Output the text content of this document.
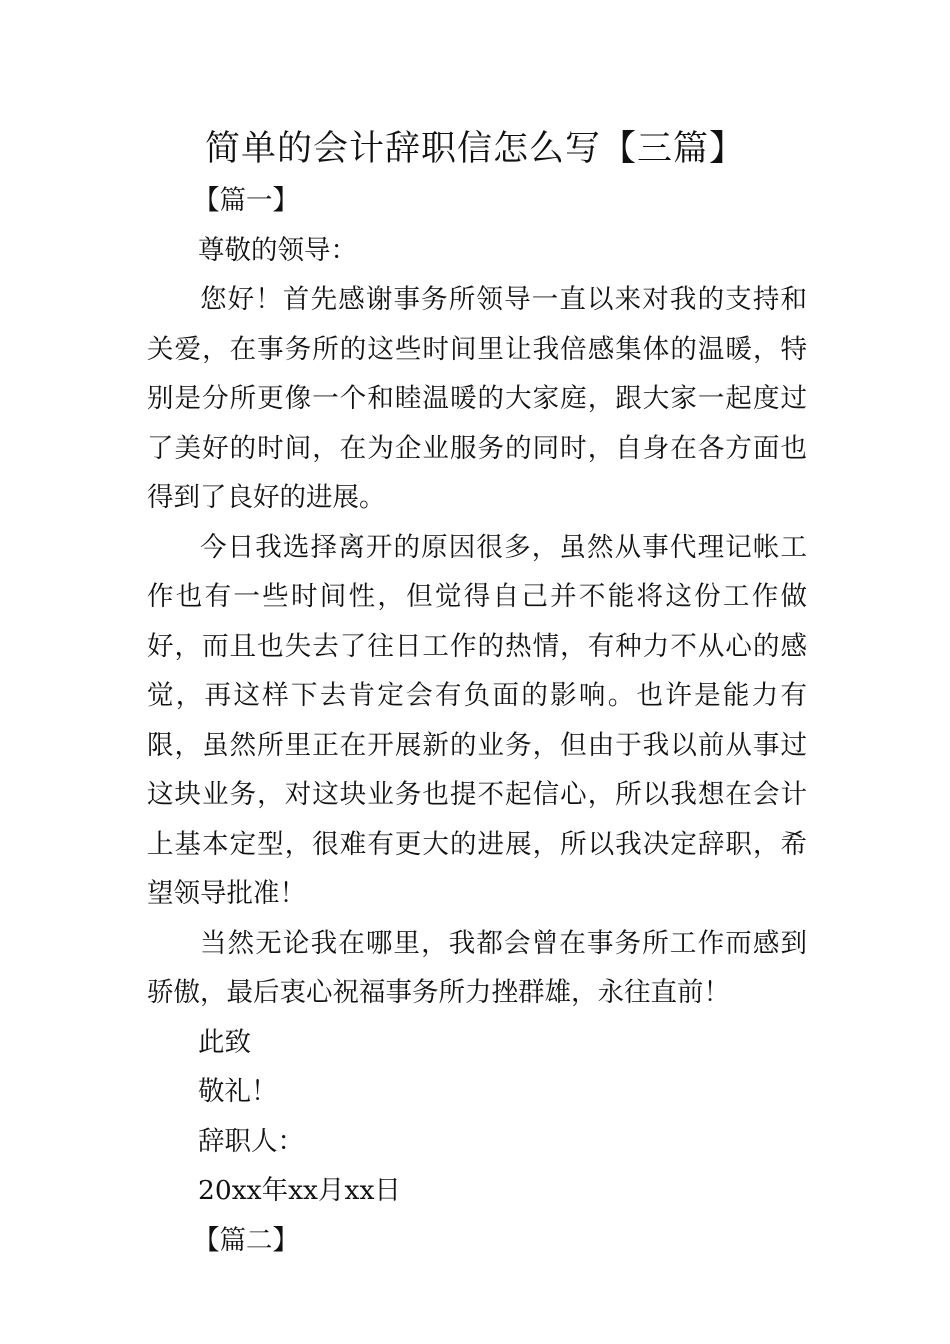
简单的会计辞职信怎么写【三篇】

【篇一】

尊敬的领导：

您好！首先感谢事务所领导一直以来对我的支持和关爱，在事务所的这些时间里让我倍感集体的温暖，特别是分所更像一个和睦温暖的大家庭，跟大家一起度过了美好的时间，在为企业服务的同时，自身在各方面也得到了良好的进展。

今日我选择离开的原因很多，虽然从事代理记帐工作也有一些时间性，但觉得自己并不能将这份工作做好，而且也失去了往日工作的热情，有种力不从心的感觉，再这样下去肯定会有负面的影响。也许是能力有限，虽然所里正在开展新的业务，但由于我以前从事过这块业务，对这块业务也提不起信心，所以我想在会计上基本定型，很难有更大的进展，所以我决定辞职，希望领导批准！

当然无论我在哪里，我都会曾在事务所工作而感到骄傲，最后衷心祝福事务所力挫群雄，永往直前！

此致

敬礼！

辞职人：

20xx年xx月xx日

【篇二】
